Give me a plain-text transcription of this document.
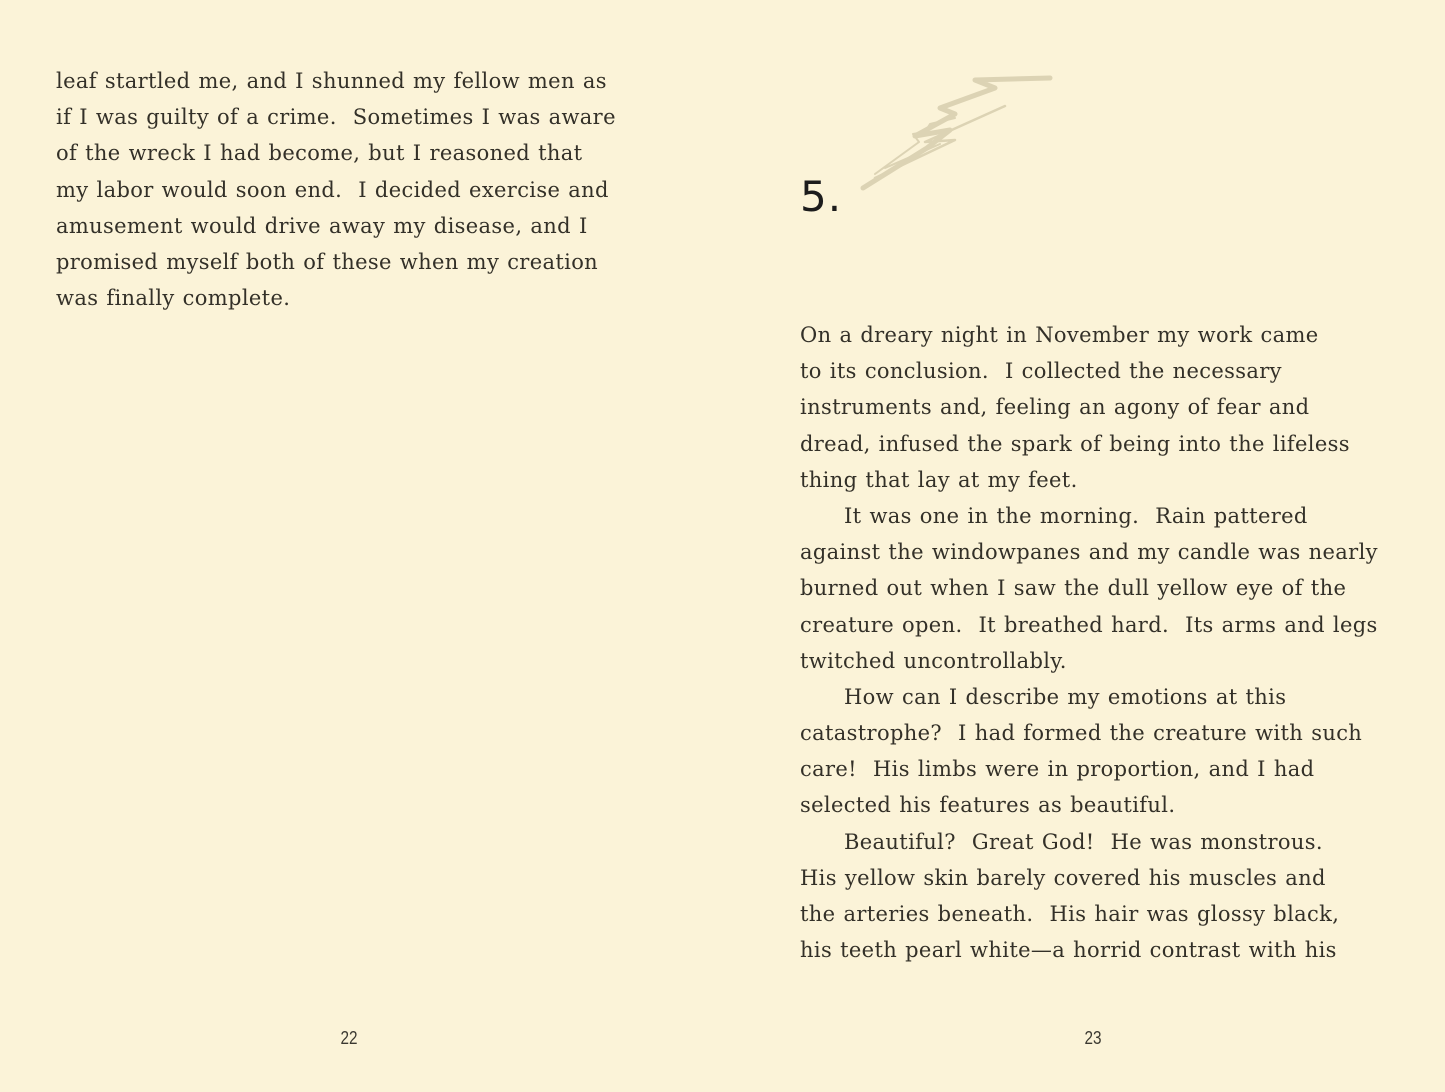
leaf startled me, and I shunned my fellow men as
if I was guilty of a crime.  Sometimes I was aware
of the wreck I had become, but I reasoned that
my labor would soon end.  I decided exercise and
amusement would drive away my disease, and I
promised myself both of these when my creation
was finally complete.
22
5.
On a dreary night in November my work came
to its conclusion.  I collected the necessary
instruments and, feeling an agony of fear and
dread, infused the spark of being into the lifeless
thing that lay at my feet.
It was one in the morning.  Rain pattered
against the windowpanes and my candle was nearly
burned out when I saw the dull yellow eye of the
creature open.  It breathed hard.  Its arms and legs
twitched uncontrollably.
How can I describe my emotions at this
catastrophe?  I had formed the creature with such
care!  His limbs were in proportion, and I had
selected his features as beautiful.
Beautiful?  Great God!  He was monstrous.
His yellow skin barely covered his muscles and
the arteries beneath.  His hair was glossy black,
his teeth pearl white—a horrid contrast with his
23
